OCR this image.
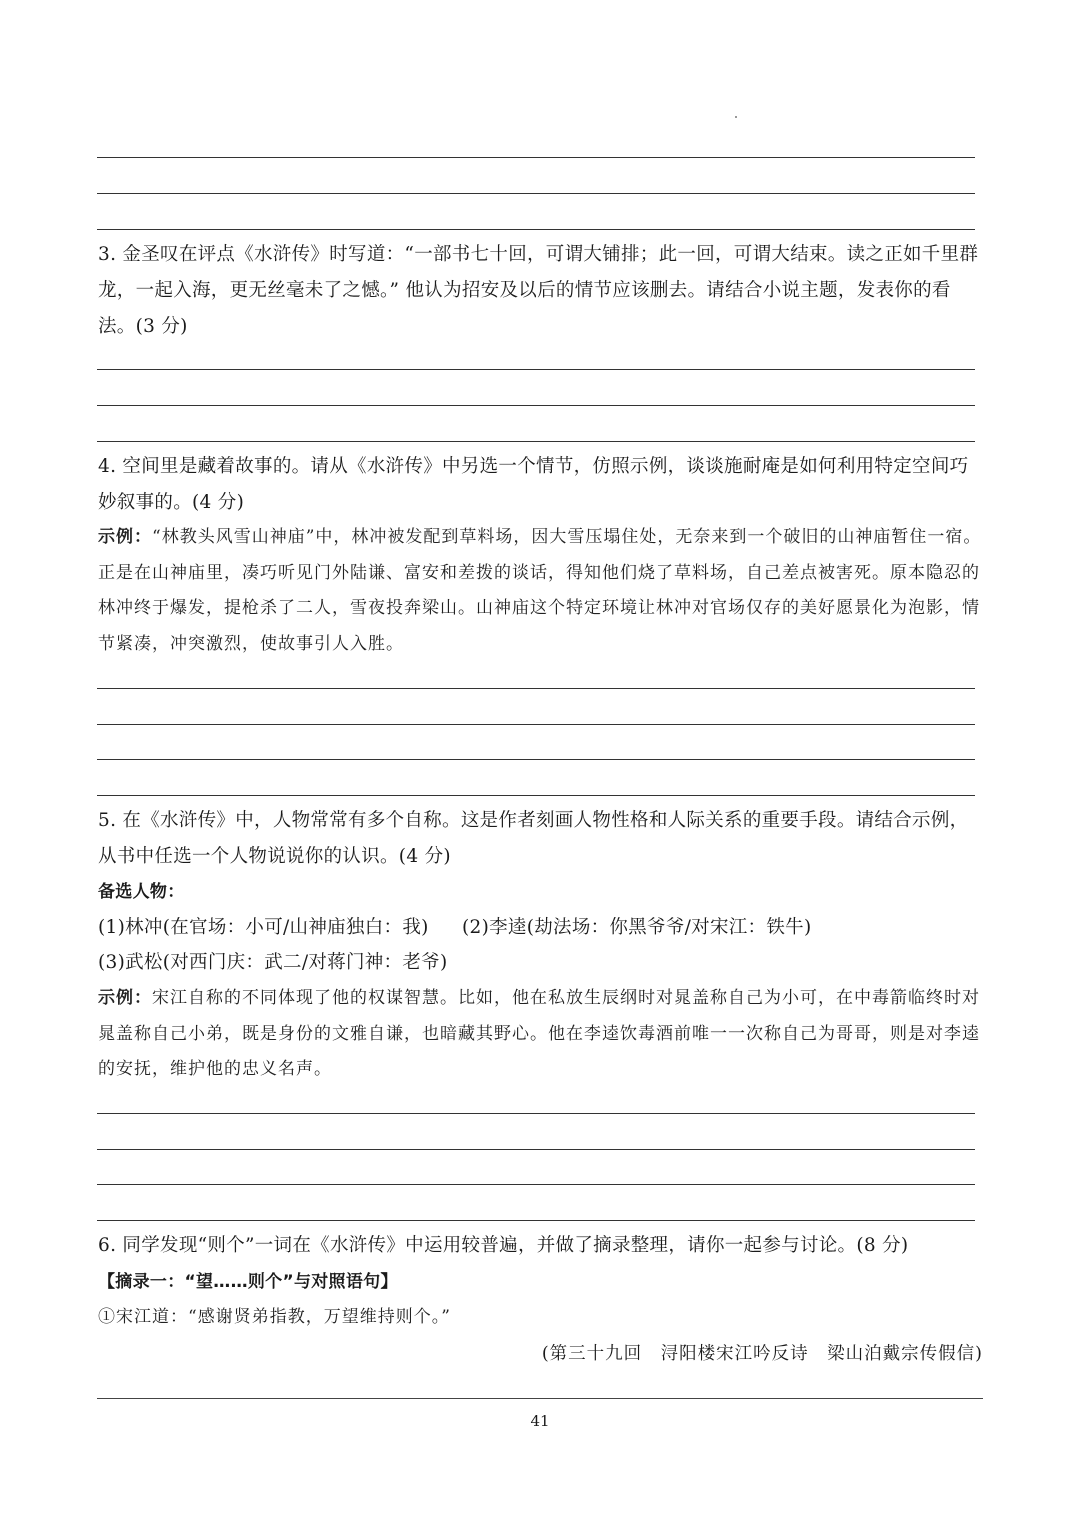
3. 金圣叹在评点《水浒传》时写道：“一部书七十回，可谓大铺排；此一回，可谓大结束。读之正如千里群龙，一起入海，更无丝毫未了之憾。” 他认为招安及以后的情节应该删去。请结合小说主题，发表你的看法。(3 分)
4. 空间里是藏着故事的。请从《水浒传》中另选一个情节，仿照示例，谈谈施耐庵是如何利用特定空间巧妙叙事的。(4 分)
示例：“林教头风雪山神庙”中，林冲被发配到草料场，因大雪压塌住处，无奈来到一个破旧的山神庙暂住一宿。正是在山神庙里，凑巧听见门外陆谦、富安和差拨的谈话，得知他们烧了草料场，自己差点被害死。原本隐忍的林冲终于爆发，提枪杀了二人，雪夜投奔梁山。山神庙这个特定环境让林冲对官场仅存的美好愿景化为泡影，情节紧凑，冲突激烈，使故事引人入胜。
5. 在《水浒传》中，人物常常有多个自称。这是作者刻画人物性格和人际关系的重要手段。请结合示例，从书中任选一个人物说说你的认识。(4 分)
备选人物：
(1)林冲(在官场：小可/山神庙独白：我) (2)李逵(劫法场：你黑爷爷/对宋江：铁牛)
(3)武松(对西门庆：武二/对蒋门神：老爷)
示例：宋江自称的不同体现了他的权谋智慧。比如，他在私放生辰纲时对晁盖称自己为小可，在中毒箭临终时对晁盖称自己小弟，既是身份的文雅自谦，也暗藏其野心。他在李逵饮毒酒前唯一一次称自己为哥哥，则是对李逵的安抚，维护他的忠义名声。
6. 同学发现“则个”一词在《水浒传》中运用较普遍，并做了摘录整理，请你一起参与讨论。(8 分)
【摘录一：“望……则个”与对照语句】
①宋江道：“感谢贤弟指教，万望维持则个。”
(第三十九回　浔阳楼宋江吟反诗　梁山泊戴宗传假信)
41
